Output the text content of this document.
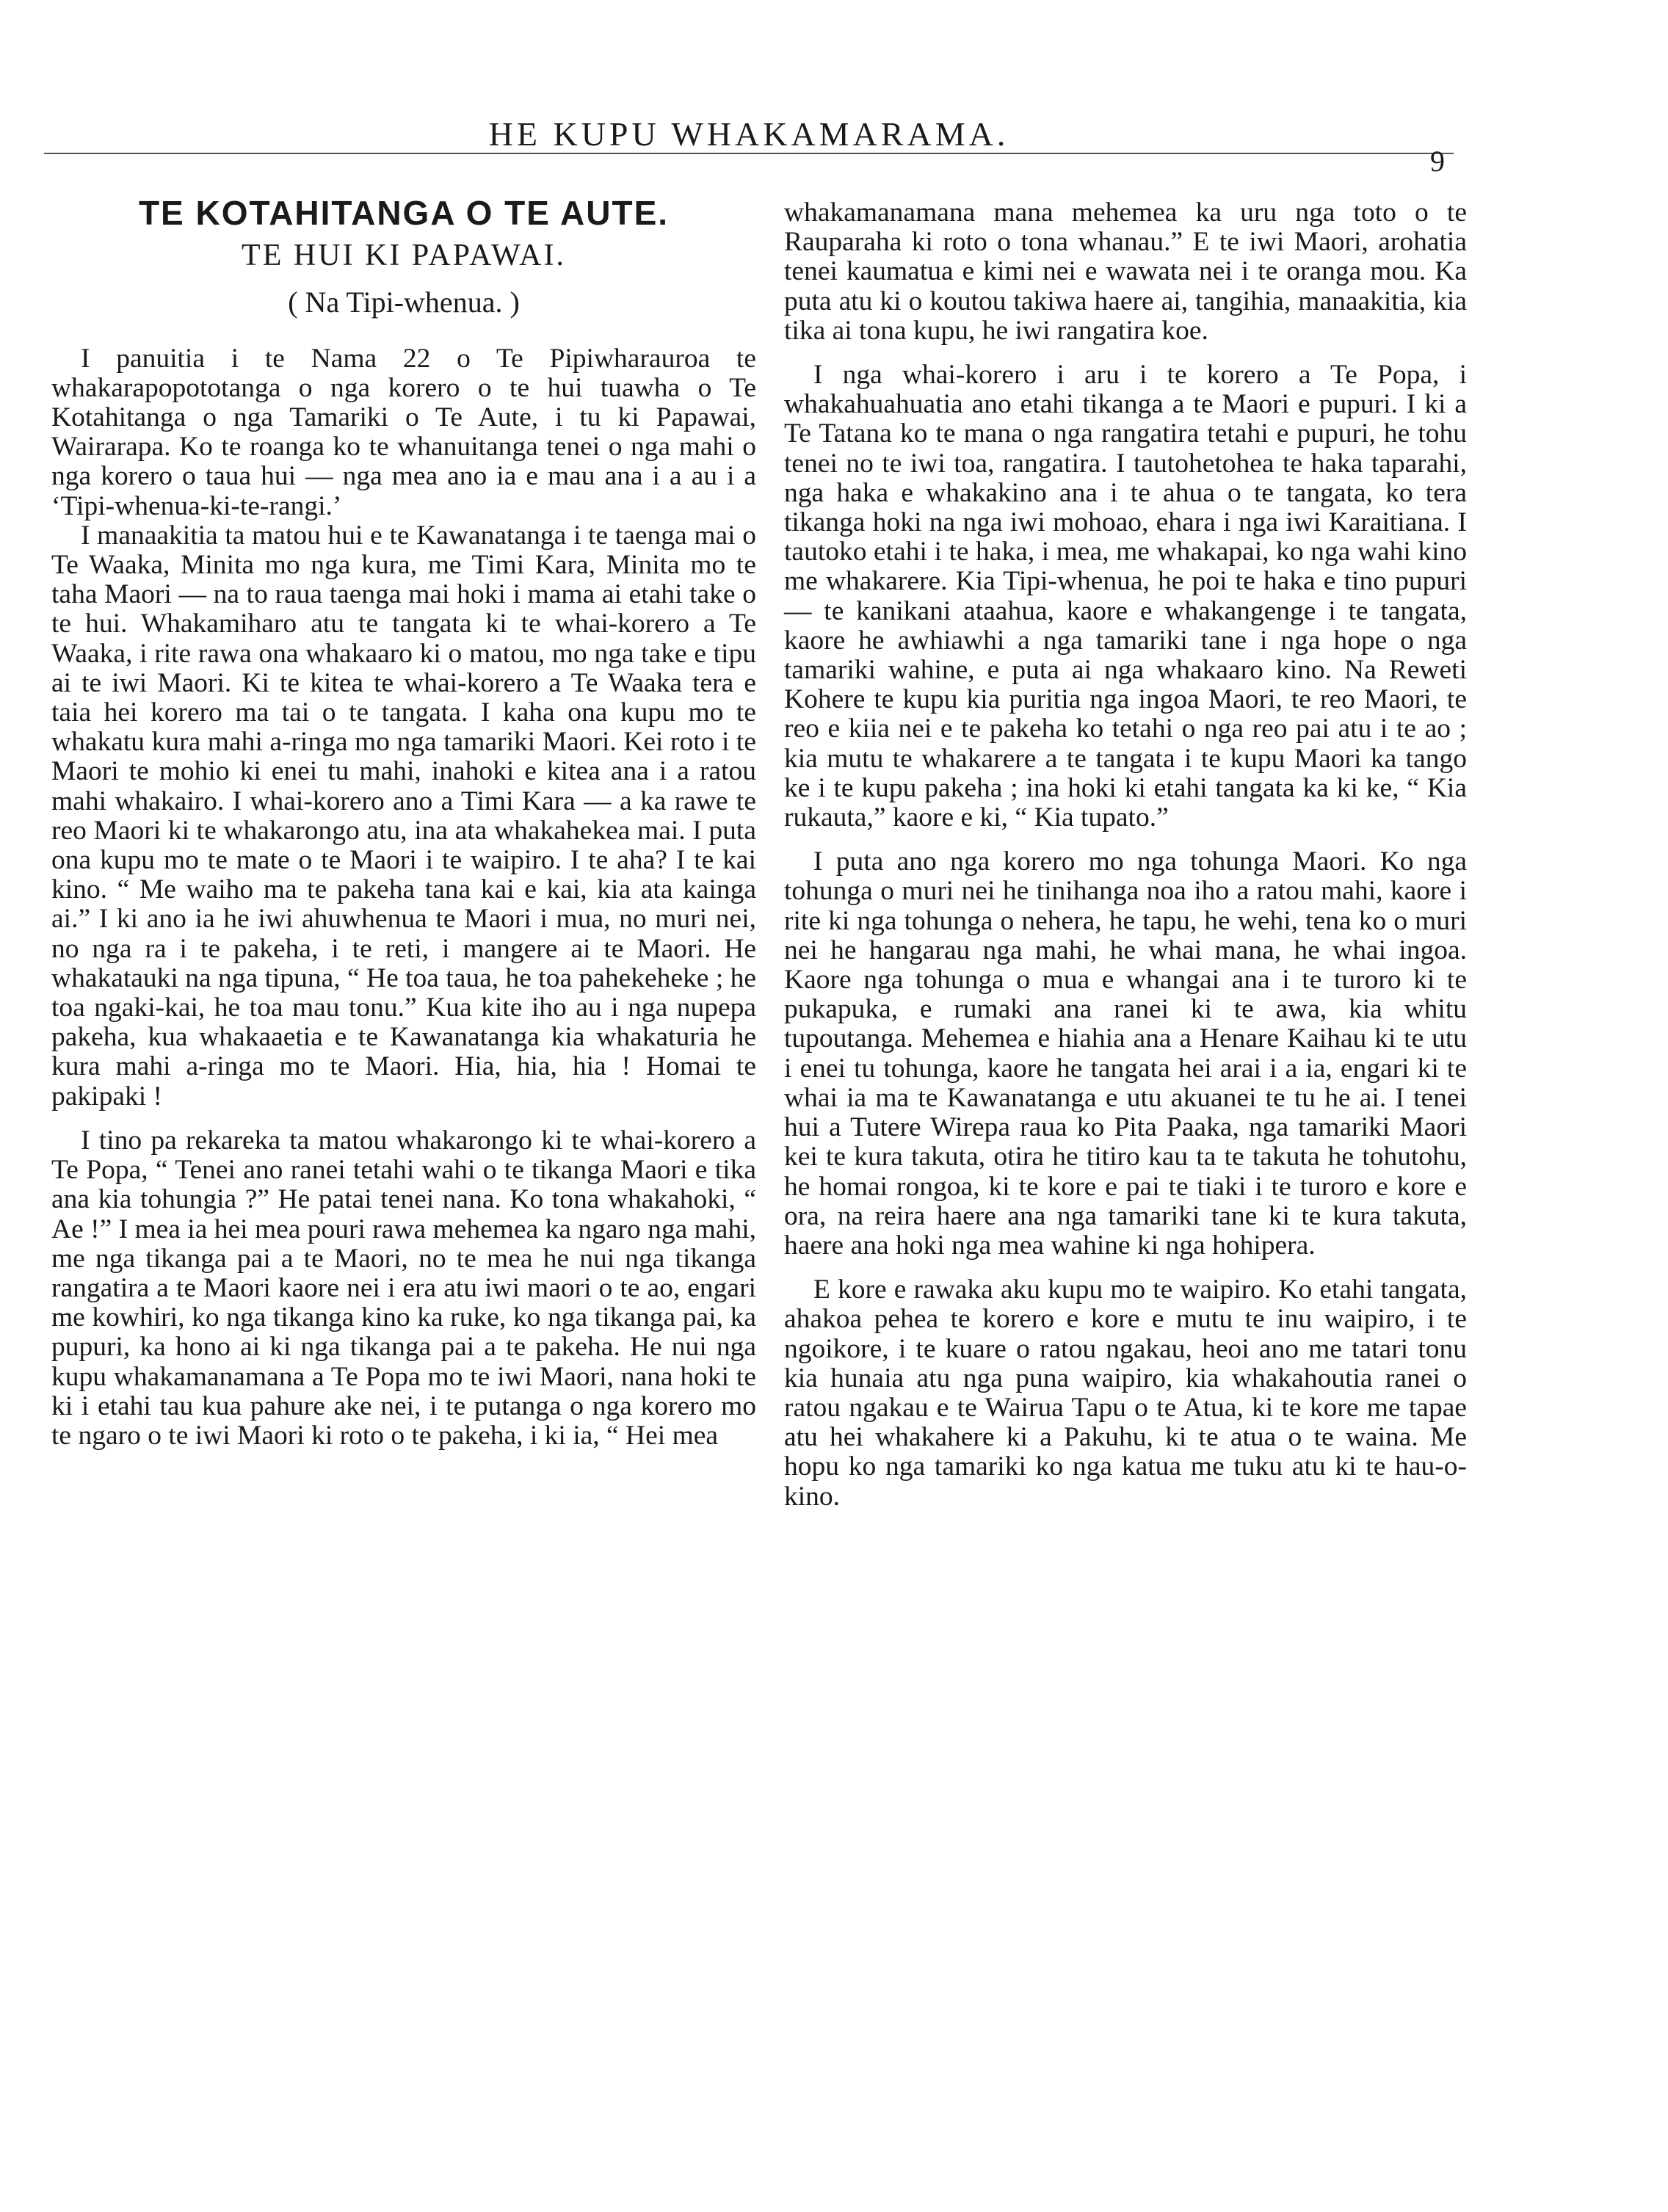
HE KUPU WHAKAMARAMA.
9
TE KOTAHITANGA O TE AUTE.
TE HUI KI PAPAWAI.
( Na Tipi-whenua. )

I panuitia i te Nama 22 o Te Pipiwharauroa te whakarapopototanga o nga korero o te hui tuawha o Te Kotahitanga o nga Tamariki o Te Aute, i tu ki Papawai, Wairarapa. Ko te roanga ko te whanuitanga tenei o nga mahi o nga korero o taua hui — nga mea ano ia e mau ana i a au i a ‘Tipi-whenua-ki-te-rangi.’

I manaakitia ta matou hui e te Kawanatanga i te taenga mai o Te Waaka, Minita mo nga kura, me Timi Kara, Minita mo te taha Maori — na to raua taenga mai hoki i mama ai etahi take o te hui. Whakamiharo atu te tangata ki te whai-korero a Te Waaka, i rite rawa ona whakaaro ki o matou, mo nga take e tipu ai te iwi Maori. Ki te kitea te whai-korero a Te Waaka tera e taia hei korero ma tai o te tangata. I kaha ona kupu mo te whakatu kura mahi a-ringa mo nga tamariki Maori. Kei roto i te Maori te mohio ki enei tu mahi, inahoki e kitea ana i a ratou mahi whakairo. I whai-korero ano a Timi Kara — a ka rawe te reo Maori ki te whakarongo atu, ina ata whakahekea mai. I puta ona kupu mo te mate o te Maori i te waipiro. I te aha? I te kai kino. “ Me waiho ma te pakeha tana kai e kai, kia ata kainga ai.” I ki ano ia he iwi ahuwhenua te Maori i mua, no muri nei, no nga ra i te pakeha, i te reti, i mangere ai te Maori. He whakatauki na nga tipuna, “ He toa taua, he toa pahekeheke ; he toa ngaki-kai, he toa mau tonu.” Kua kite iho au i nga nupepa pakeha, kua whakaaetia e te Kawanatanga kia whakaturia he kura mahi a-ringa mo te Maori. Hia, hia, hia ! Homai te pakipaki !

I tino pa rekareka ta matou whakarongo ki te whai-korero a Te Popa, “ Tenei ano ranei tetahi wahi o te tikanga Maori e tika ana kia tohungia ?” He patai tenei nana. Ko tona whakahoki, “ Ae !” I mea ia hei mea pouri rawa mehemea ka ngaro nga mahi, me nga tikanga pai a te Maori, no te mea he nui nga tikanga rangatira a te Maori kaore nei i era atu iwi maori o te ao, engari me kowhiri, ko nga tikanga kino ka ruke, ko nga tikanga pai, ka pupuri, ka hono ai ki nga tikanga pai a te pakeha. He nui nga kupu whakamanamana a Te Popa mo te iwi Maori, nana hoki te ki i etahi tau kua pahure ake nei, i te putanga o nga korero mo te ngaro o te iwi Maori ki roto o te pakeha, i ki ia, “ Hei mea

whakamanamana mana mehemea ka uru nga toto o te Rauparaha ki roto o tona whanau.” E te iwi Maori, arohatia tenei kaumatua e kimi nei e wawata nei i te oranga mou. Ka puta atu ki o koutou takiwa haere ai, tangihia, manaakitia, kia tika ai tona kupu, he iwi rangatira koe.

I nga whai-korero i aru i te korero a Te Popa, i whakahuahuatia ano etahi tikanga a te Maori e pupuri. I ki a Te Tatana ko te mana o nga rangatira tetahi e pupuri, he tohu tenei no te iwi toa, rangatira. I tautohetohea te haka taparahi, nga haka e whakakino ana i te ahua o te tangata, ko tera tikanga hoki na nga iwi mohoao, ehara i nga iwi Karaitiana. I tautoko etahi i te haka, i mea, me whakapai, ko nga wahi kino me whakarere. Kia Tipi-whenua, he poi te haka e tino pupuri — te kanikani ataahua, kaore e whakangenge i te tangata, kaore he awhiawhi a nga tamariki tane i nga hope o nga tamariki wahine, e puta ai nga whakaaro kino. Na Reweti Kohere te kupu kia puritia nga ingoa Maori, te reo Maori, te reo e kiia nei e te pakeha ko tetahi o nga reo pai atu i te ao ; kia mutu te whakarere a te tangata i te kupu Maori ka tango ke i te kupu pakeha ; ina hoki ki etahi tangata ka ki ke, “ Kia rukauta,” kaore e ki, “ Kia tupato.”

I puta ano nga korero mo nga tohunga Maori. Ko nga tohunga o muri nei he tinihanga noa iho a ratou mahi, kaore i rite ki nga tohunga o nehera, he tapu, he wehi, tena ko o muri nei he hangarau nga mahi, he whai mana, he whai ingoa. Kaore nga tohunga o mua e whangai ana i te turoro ki te pukapuka, e rumaki ana ranei ki te awa, kia whitu tupoutanga. Mehemea e hiahia ana a Henare Kaihau ki te utu i enei tu tohunga, kaore he tangata hei arai i a ia, engari ki te whai ia ma te Kawanatanga e utu akuanei te tu he ai. I tenei hui a Tutere Wirepa raua ko Pita Paaka, nga tamariki Maori kei te kura takuta, otira he titiro kau ta te takuta he tohutohu, he homai rongoa, ki te kore e pai te tiaki i te turoro e kore e ora, na reira haere ana nga tamariki tane ki te kura takuta, haere ana hoki nga mea wahine ki nga hohipera.

E kore e rawaka aku kupu mo te waipiro. Ko etahi tangata, ahakoa pehea te korero e kore e mutu te inu waipiro, i te ngoikore, i te kuare o ratou ngakau, heoi ano me tatari tonu kia hunaia atu nga puna waipiro, kia whakahoutia ranei o ratou ngakau e te Wairua Tapu o te Atua, ki te kore me tapae atu hei whakahere ki a Pakuhu, ki te atua o te waina. Me hopu ko nga tamariki ko nga katua me tuku atu ki te hau-o-kino.
